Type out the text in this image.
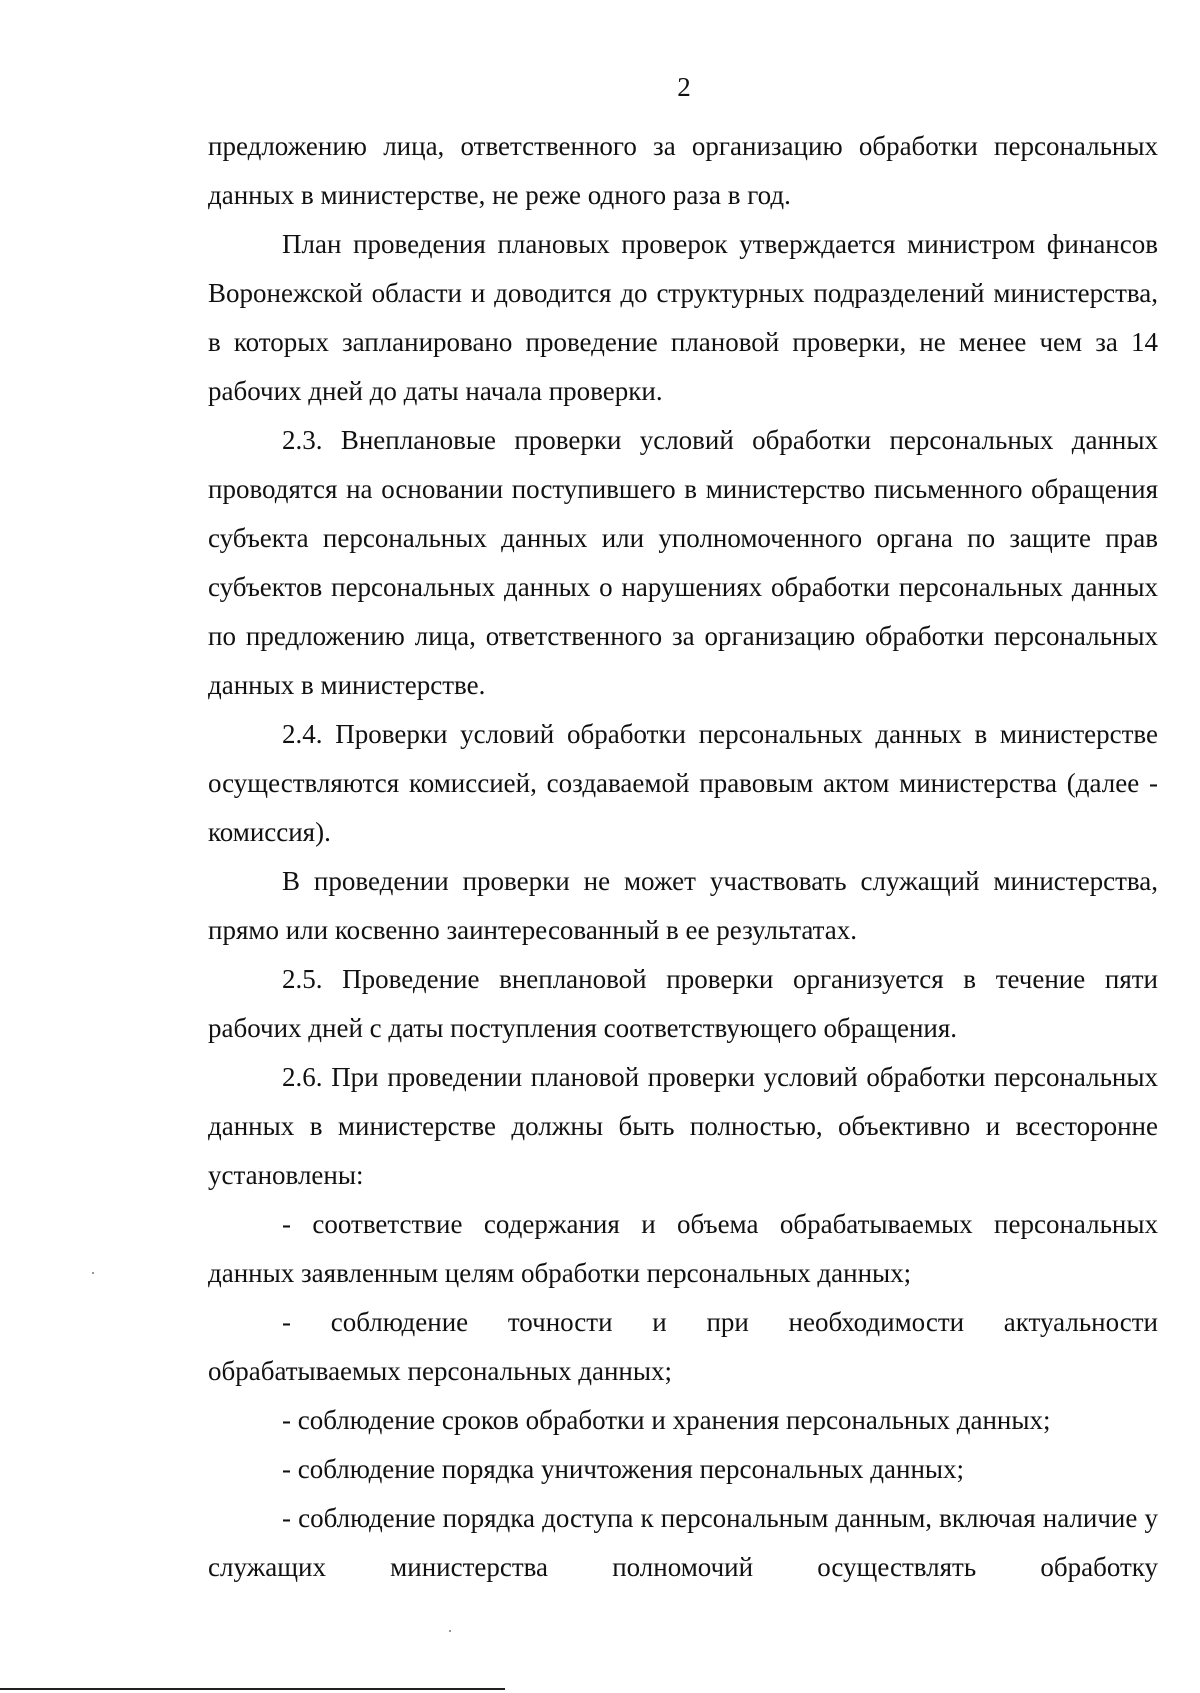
2

предложению лица, ответственного за организацию обработки персональных данных в министерстве, не реже одного раза в год.

План проведения плановых проверок утверждается министром финансов Воронежской области и доводится до структурных подразделений министерства, в которых запланировано проведение плановой проверки, не менее чем за 14 рабочих дней до даты начала проверки.

2.3. Внеплановые проверки условий обработки персональных данных проводятся на основании поступившего в министерство письменного обращения субъекта персональных данных или уполномоченного органа по защите прав субъектов персональных данных о нарушениях обработки персональных данных по предложению лица, ответственного за организацию обработки персональных данных в министерстве.

2.4. Проверки условий обработки персональных данных в министерстве осуществляются комиссией, создаваемой правовым актом министерства (далее - комиссия).

В проведении проверки не может участвовать служащий министерства, прямо или косвенно заинтересованный в ее результатах.

2.5. Проведение внеплановой проверки организуется в течение пяти рабочих дней с даты поступления соответствующего обращения.

2.6. При проведении плановой проверки условий обработки персональных данных в министерстве должны быть полностью, объективно и всесторонне установлены:

- соответствие содержания и объема обрабатываемых персональных данных заявленным целям обработки персональных данных;

- соблюдение точности и при необходимости актуальности обрабатываемых персональных данных;

- соблюдение сроков обработки и хранения персональных данных;

- соблюдение порядка уничтожения персональных данных;

- соблюдение порядка доступа к персональным данным, включая наличие у служащих министерства полномочий осуществлять обработку
